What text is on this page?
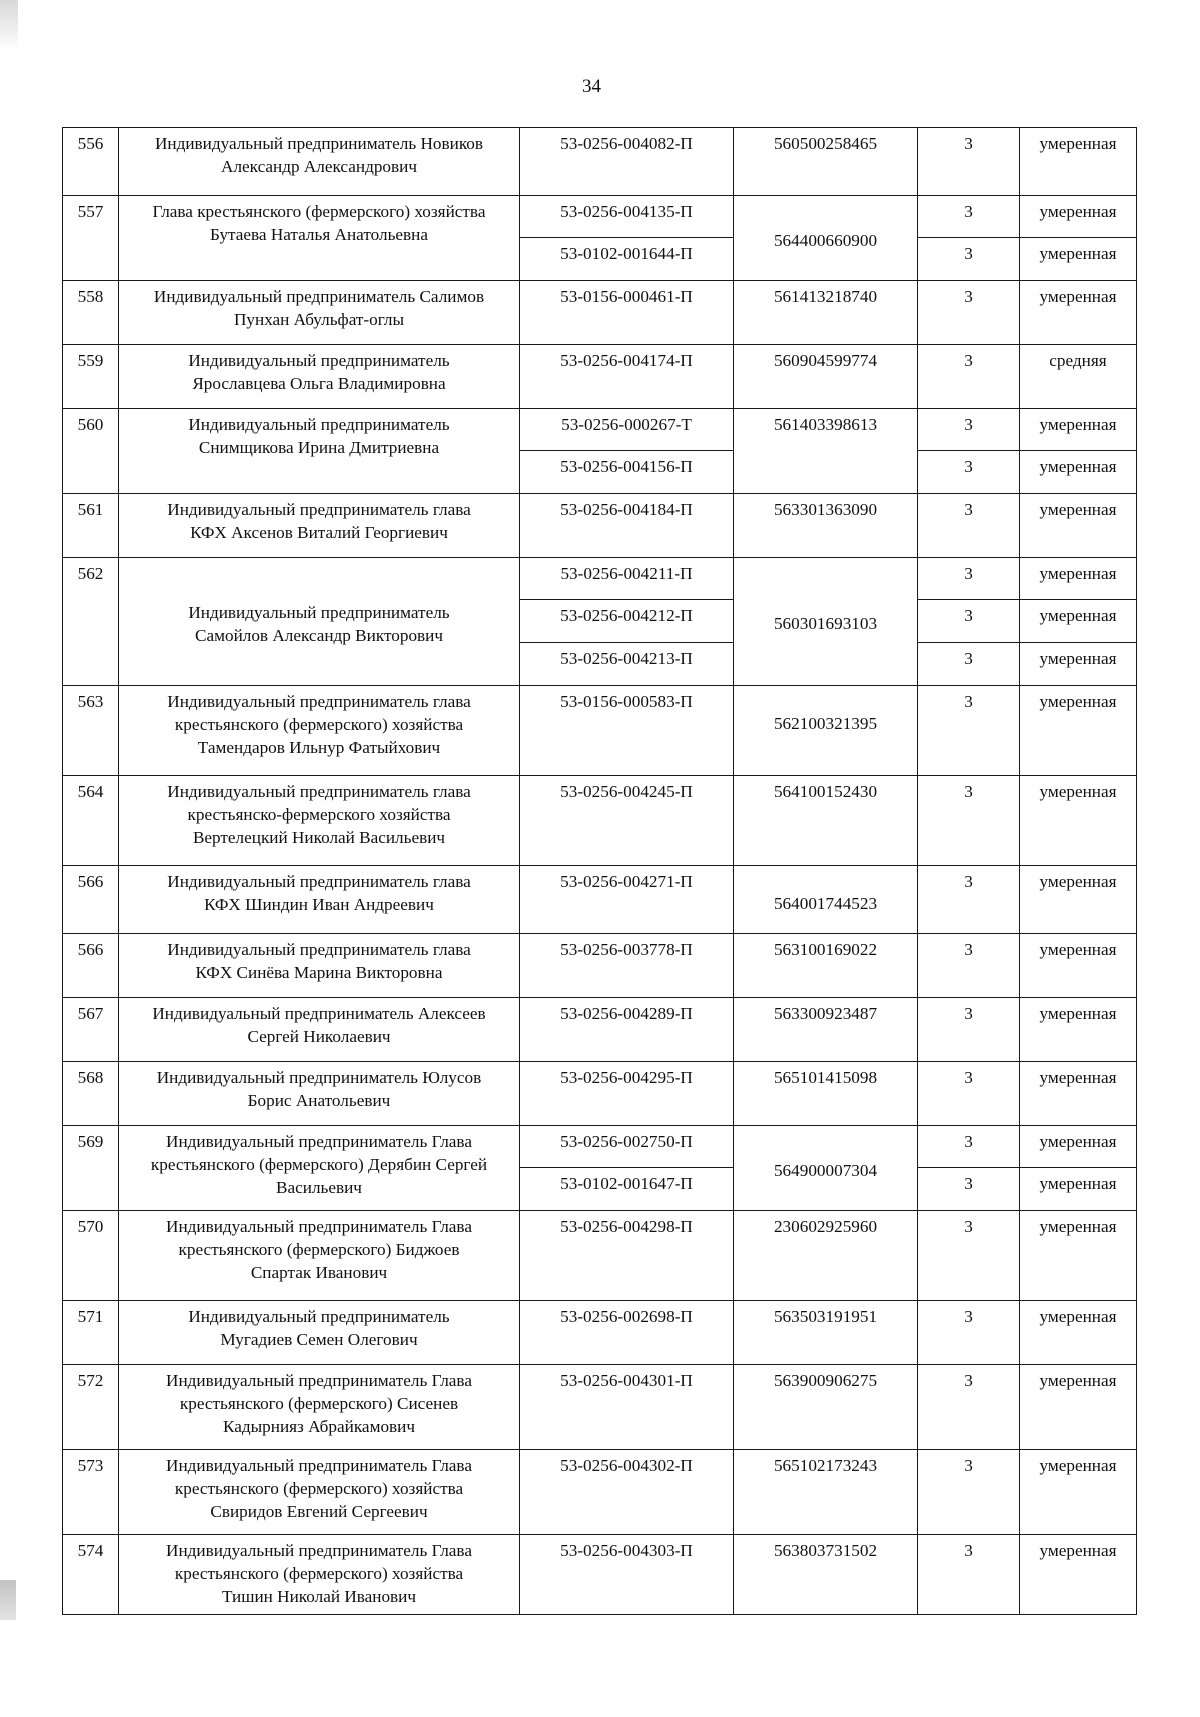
34
556	Индивидуальный предприниматель Новиков
Александр Александрович	53-0256-004082-П	560500258465	3	умеренная
557	Глава крестьянского (фермерского) хозяйства
Бутаева Наталья Анатольевна	53-0256-004135-П	564400660900	3	умеренная
		53-0102-001644-П		3	умеренная
558	Индивидуальный предприниматель Салимов
Пунхан Абульфат-оглы	53-0156-000461-П	561413218740	3	умеренная
559	Индивидуальный предприниматель
Ярославцева Ольга Владимировна	53-0256-004174-П	560904599774	3	средняя
560	Индивидуальный предприниматель
Снимщикова Ирина Дмитриевна	53-0256-000267-Т	561403398613	3	умеренная
		53-0256-004156-П		3	умеренная
561	Индивидуальный предприниматель глава
КФХ Аксенов Виталий Георгиевич	53-0256-004184-П	563301363090	3	умеренная
562	Индивидуальный предприниматель
Самойлов Александр Викторович	53-0256-004211-П	560301693103	3	умеренная
		53-0256-004212-П		3	умеренная
		53-0256-004213-П		3	умеренная
563	Индивидуальный предприниматель глава
крестьянского (фермерского) хозяйства
Тамендаров Ильнур Фатыйхович	53-0156-000583-П	562100321395	3	умеренная
564	Индивидуальный предприниматель глава
крестьянско-фермерского хозяйства
Вертелецкий Николай Васильевич	53-0256-004245-П	564100152430	3	умеренная
566	Индивидуальный предприниматель глава
КФХ Шиндин Иван Андреевич	53-0256-004271-П	564001744523	3	умеренная
566	Индивидуальный предприниматель глава
КФХ Синёва Марина Викторовна	53-0256-003778-П	563100169022	3	умеренная
567	Индивидуальный предприниматель Алексеев
Сергей Николаевич	53-0256-004289-П	563300923487	3	умеренная
568	Индивидуальный предприниматель Юлусов
Борис Анатольевич	53-0256-004295-П	565101415098	3	умеренная
569	Индивидуальный предприниматель Глава
крестьянского (фермерского) Дерябин Сергей
Васильевич	53-0256-002750-П	564900007304	3	умеренная
		53-0102-001647-П		3	умеренная
570	Индивидуальный предприниматель Глава
крестьянского (фермерского) Биджоев
Спартак Иванович	53-0256-004298-П	230602925960	3	умеренная
571	Индивидуальный предприниматель
Мугадиев Семен Олегович	53-0256-002698-П	563503191951	3	умеренная
572	Индивидуальный предприниматель Глава
крестьянского (фермерского) Сисенев
Кадырнияз Абрайкамович	53-0256-004301-П	563900906275	3	умеренная
573	Индивидуальный предприниматель Глава
крестьянского (фермерского) хозяйства
Свиридов Евгений Сергеевич	53-0256-004302-П	565102173243	3	умеренная
574	Индивидуальный предприниматель Глава
крестьянского (фермерского) хозяйства
Тишин Николай Иванович	53-0256-004303-П	563803731502	3	умеренная
